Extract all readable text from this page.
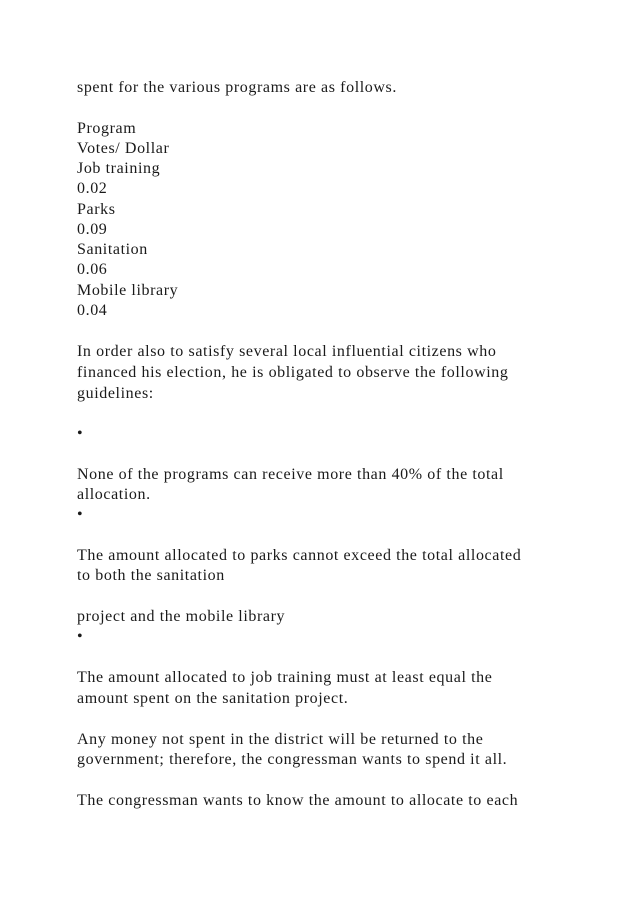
spent for the various programs are as follows.
Program
Votes/ Dollar
Job training
0.02
Parks
0.09
Sanitation
0.06
Mobile library
0.04
In order also to satisfy several local influential citizens who
financed his election, he is obligated to observe the following
guidelines:
•
None of the programs can receive more than 40% of the total
allocation.
•
The amount allocated to parks cannot exceed the total allocated
to both the sanitation
project and the mobile library
•
The amount allocated to job training must at least equal the
amount spent on the sanitation project.
Any money not spent in the district will be returned to the
government; therefore, the congressman wants to spend it all.
The congressman wants to know the amount to allocate to each
